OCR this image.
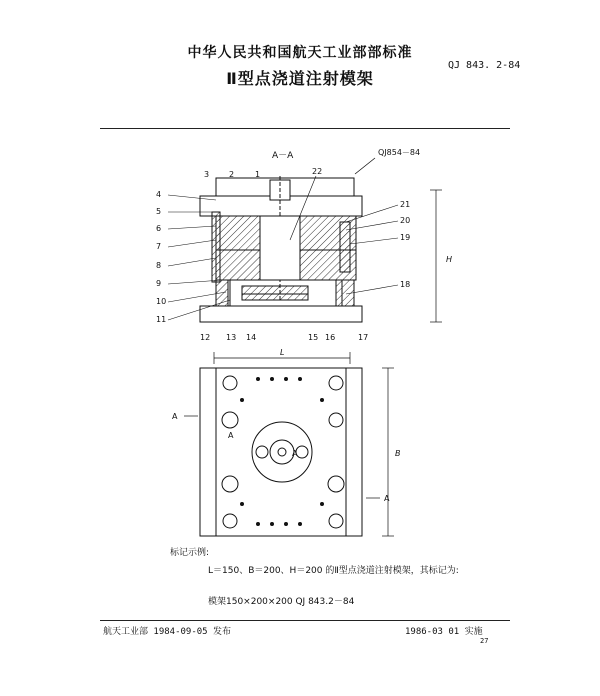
中华人民共和国航天工业部部标准
Ⅱ型点浇道注射模架
QJ 843. 2-84
A－A	QJ854－84
3 2	1	22
4
5
6
7
8
9
10
11
21
20
19
18
12 13 14	15 16	17
H
L
A
A
A
A
B
标记示例:
L＝150、B＝200、H＝200 的Ⅱ型点浇道注射模架，其标记为:
模架150×200×200 QJ 843.2－84
航天工业部 1984-09-05 发布	1986-03 01 实施
27
